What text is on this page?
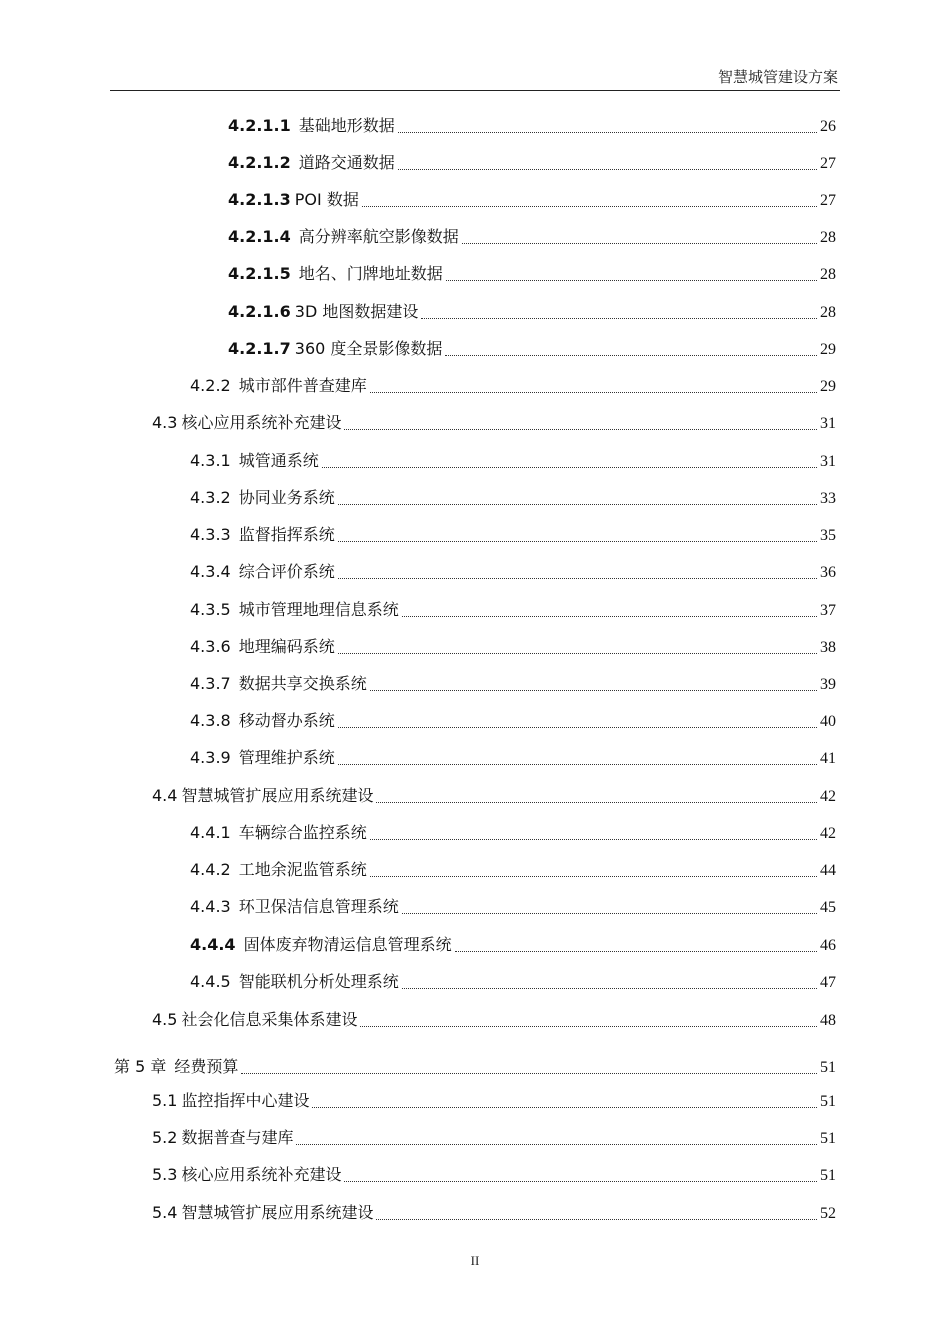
智慧城管建设方案
4.2.1.1 基础地形数据	26
4.2.1.2 道路交通数据	27
4.2.1.3 POI 数据	27
4.2.1.4 高分辨率航空影像数据	28
4.2.1.5 地名、门牌地址数据	28
4.2.1.6 3D 地图数据建设	28
4.2.1.7 360 度全景影像数据	29
4.2.2 城市部件普查建库	29
4.3 核心应用系统补充建设	31
4.3.1 城管通系统	31
4.3.2 协同业务系统	33
4.3.3 监督指挥系统	35
4.3.4 综合评价系统	36
4.3.5 城市管理地理信息系统	37
4.3.6 地理编码系统	38
4.3.7 数据共享交换系统	39
4.3.8 移动督办系统	40
4.3.9 管理维护系统	41
4.4 智慧城管扩展应用系统建设	42
4.4.1 车辆综合监控系统	42
4.4.2 工地余泥监管系统	44
4.4.3 环卫保洁信息管理系统	45
4.4.4 固体废弃物清运信息管理系统	46
4.4.5 智能联机分析处理系统	47
4.5 社会化信息采集体系建设	48
第 5 章 经费预算	51
5.1 监控指挥中心建设	51
5.2 数据普查与建库	51
5.3 核心应用系统补充建设	51
5.4 智慧城管扩展应用系统建设	52
II
